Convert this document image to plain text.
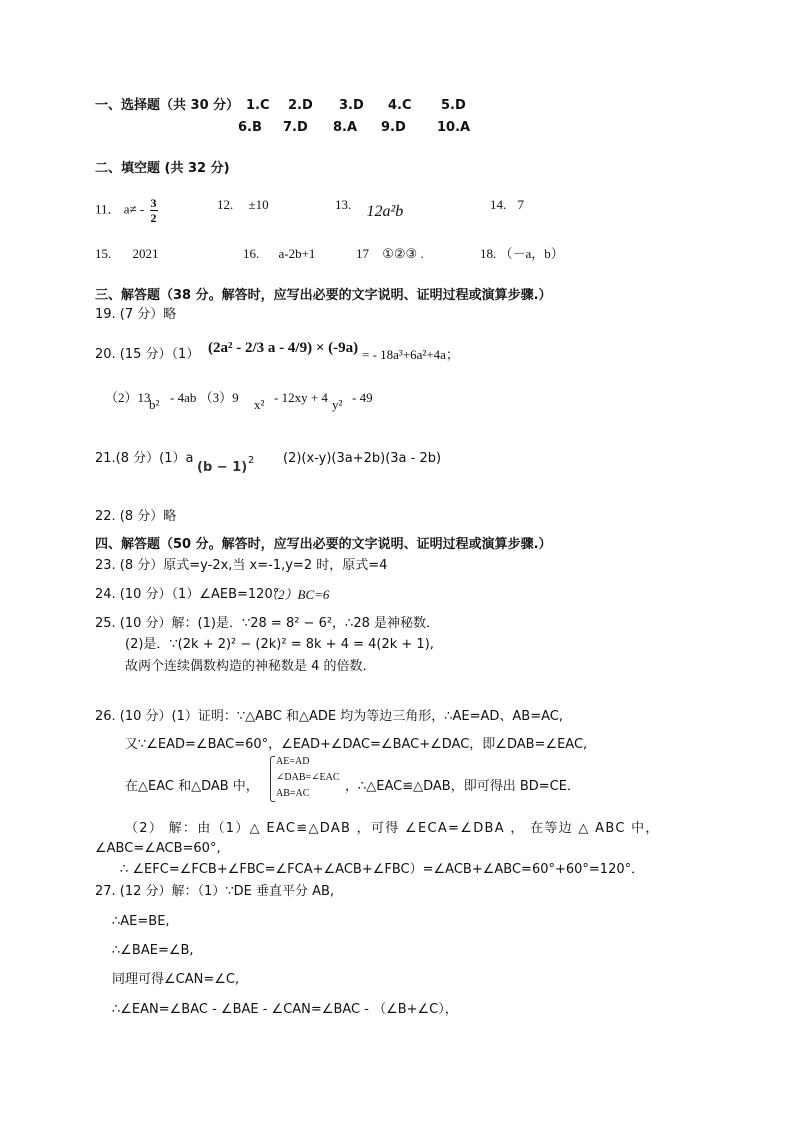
一、选择题（共 30 分） 1.C 2.D 3.D 4.C 5.D
6.B 7.D 8.A 9.D 10.A
二、填空题 (共 32 分)
11． $a\ne - \frac{3}{2}$	12. ±10	13. 12a²b	14. 7
15. 2021	16. a-2b+1	17 ①②③ .	18. （－a，b）
三、解答题（38 分。解答时，应写出必要的文字说明、证明过程或演算步骤.）
19. (7 分）略
20. (15 分）（1） (2a² - 2/3 a - 4/9) × (-9a) = - 18a³+6a²+4a；
（2）13
b² - 4ab （3）9 x² - 12xy + 4 y² - 49
21.(8 分）(1）a
(b − 1) 2 (2)(x-y)(3a+2b)(3a - 2b)
22. (8 分）略
四、解答题（50 分。解答时，应写出必要的文字说明、证明过程或演算步骤.）
23. (8 分）原式=y-2x,当 x=-1,y=2 时，原式=4
24. (10 分）（1）∠AEB=120°
（2）BC=6
25. (10 分）解：(1)是．∵28 = 8² − 6²，∴28 是神秘数．
(2)是．∵(2k + 2)² − (2k)² = 8k + 4 = 4(2k + 1),
故两个连续偶数构造的神秘数是 4 的倍数．
26. (10 分）(1）证明：∵△ABC 和△ADE 均为等边三角形，∴AE=AD、AB=AC,
又∵∠EAD=∠BAC=60°，∠EAD+∠DAC=∠BAC+∠DAC，即∠DAB=∠EAC,
在△EAC 和△DAB 中，
AE=AD
∠DAB=∠EAC
AB=AC	，∴△EAC≌△DAB，即可得出 BD=CE．
（2） 解：由（1）△ EAC≌△DAB ，可得 ∠ECA=∠DBA ， 在等边 △ ABC 中，
∠ABC=∠ACB=60°,
∴ ∠EFC=∠FCB+∠FBC=∠FCA+∠ACB+∠FBC）=∠ACB+∠ABC=60°+60°=120°．
27. (12 分）解：（1）∵DE 垂直平分 AB,
∴AE=BE,
∴∠BAE=∠B,
同理可得∠CAN=∠C,
∴∠EAN=∠BAC - ∠BAE - ∠CAN=∠BAC - （∠B+∠C），
